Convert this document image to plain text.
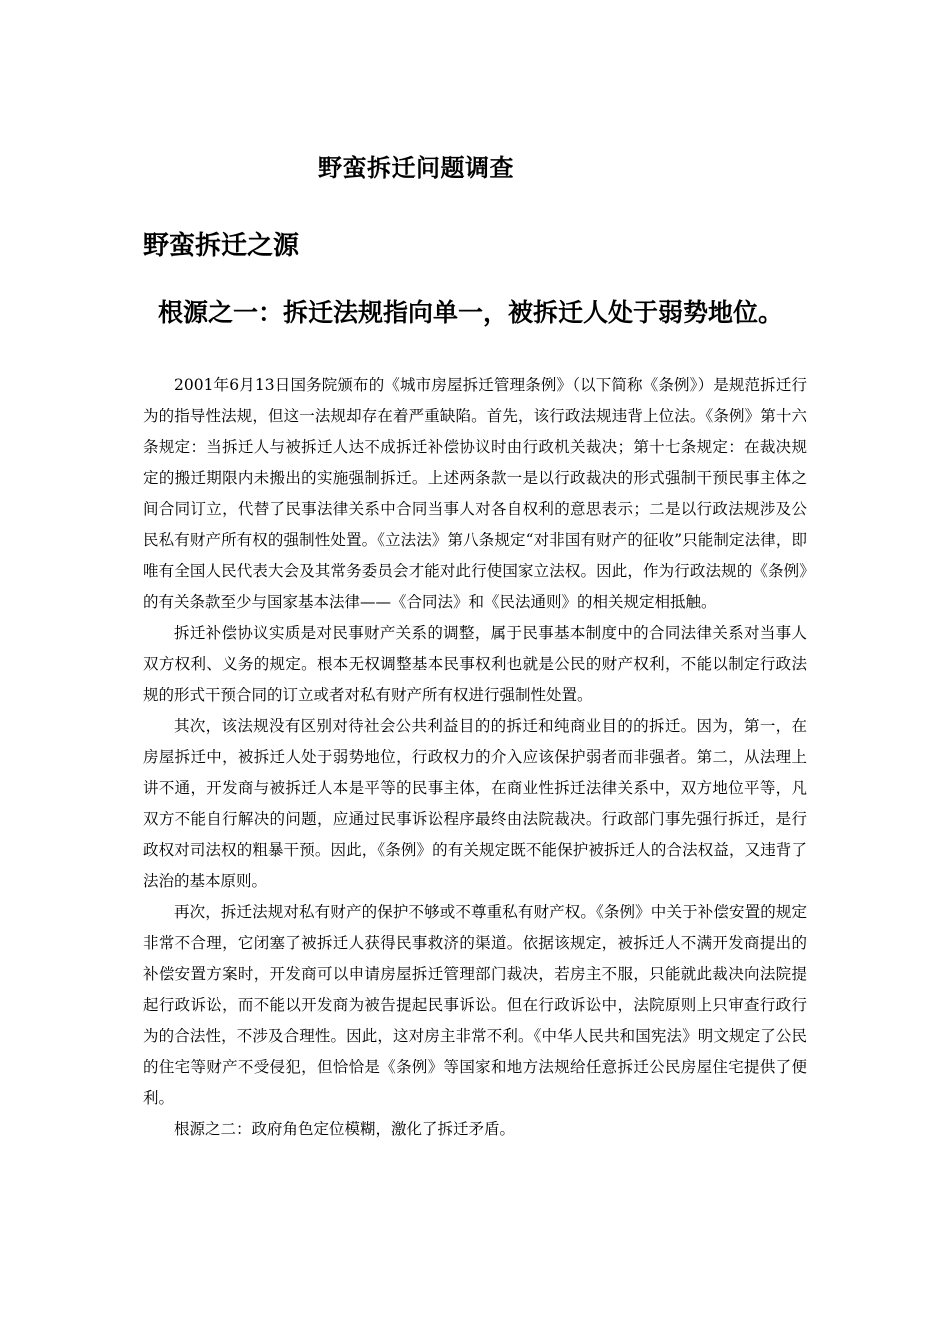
野蛮拆迁问题调查
野蛮拆迁之源
根源之一：拆迁法规指向单一，被拆迁人处于弱势地位。

2001年6月13日国务院颁布的《城市房屋拆迁管理条例》（以下简称《条例》）是规范拆迁行为的指导性法规，但这一法规却存在着严重缺陷。首先，该行政法规违背上位法。《条例》第十六条规定：当拆迁人与被拆迁人达不成拆迁补偿协议时由行政机关裁决；第十七条规定：在裁决规定的搬迁期限内未搬出的实施强制拆迁。上述两条款一是以行政裁决的形式强制干预民事主体之间合同订立，代替了民事法律关系中合同当事人对各自权利的意思表示；二是以行政法规涉及公民私有财产所有权的强制性处置。《立法法》第八条规定“对非国有财产的征收”只能制定法律，即唯有全国人民代表大会及其常务委员会才能对此行使国家立法权。因此，作为行政法规的《条例》的有关条款至少与国家基本法律——《合同法》和《民法通则》的相关规定相抵触。

拆迁补偿协议实质是对民事财产关系的调整，属于民事基本制度中的合同法律关系对当事人双方权利、义务的规定。根本无权调整基本民事权利也就是公民的财产权利，不能以制定行政法规的形式干预合同的订立或者对私有财产所有权进行强制性处置。

其次，该法规没有区别对待社会公共利益目的的拆迁和纯商业目的的拆迁。因为，第一，在房屋拆迁中，被拆迁人处于弱势地位，行政权力的介入应该保护弱者而非强者。第二，从法理上讲不通，开发商与被拆迁人本是平等的民事主体，在商业性拆迁法律关系中，双方地位平等，凡双方不能自行解决的问题，应通过民事诉讼程序最终由法院裁决。行政部门事先强行拆迁，是行政权对司法权的粗暴干预。因此，《条例》的有关规定既不能保护被拆迁人的合法权益，又违背了法治的基本原则。

再次，拆迁法规对私有财产的保护不够或不尊重私有财产权。《条例》中关于补偿安置的规定非常不合理，它闭塞了被拆迁人获得民事救济的渠道。依据该规定，被拆迁人不满开发商提出的补偿安置方案时，开发商可以申请房屋拆迁管理部门裁决，若房主不服，只能就此裁决向法院提起行政诉讼，而不能以开发商为被告提起民事诉讼。但在行政诉讼中，法院原则上只审查行政行为的合法性，不涉及合理性。因此，这对房主非常不利。《中华人民共和国宪法》明文规定了公民的住宅等财产不受侵犯，但恰恰是《条例》等国家和地方法规给任意拆迁公民房屋住宅提供了便利。

根源之二：政府角色定位模糊，激化了拆迁矛盾。
